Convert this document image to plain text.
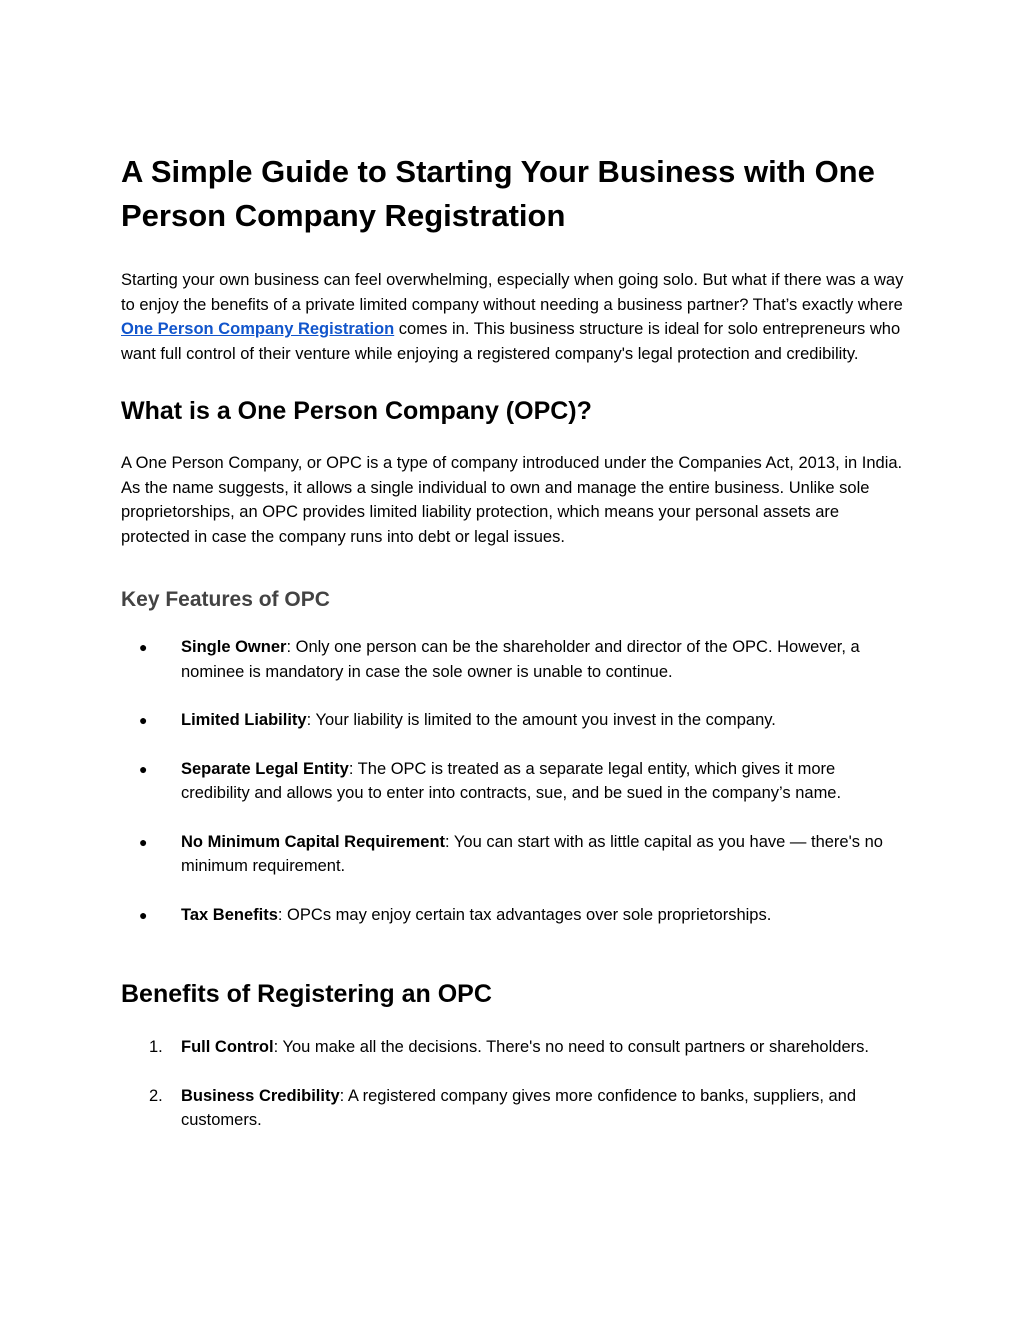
A Simple Guide to Starting Your Business with One Person Company Registration

Starting your own business can feel overwhelming, especially when going solo. But what if there was a way to enjoy the benefits of a private limited company without needing a business partner? That’s exactly where One Person Company Registration comes in. This business structure is ideal for solo entrepreneurs who want full control of their venture while enjoying a registered company's legal protection and credibility.

What is a One Person Company (OPC)?

A One Person Company, or OPC is a type of company introduced under the Companies Act, 2013, in India. As the name suggests, it allows a single individual to own and manage the entire business. Unlike sole proprietorships, an OPC provides limited liability protection, which means your personal assets are protected in case the company runs into debt or legal issues.

Key Features of OPC
●	Single Owner: Only one person can be the shareholder and director of the OPC. However, a nominee is mandatory in case the sole owner is unable to continue.
●	Limited Liability: Your liability is limited to the amount you invest in the company.
●	Separate Legal Entity: The OPC is treated as a separate legal entity, which gives it more credibility and allows you to enter into contracts, sue, and be sued in the company’s name.
●	No Minimum Capital Requirement: You can start with as little capital as you have — there's no minimum requirement.
●	Tax Benefits: OPCs may enjoy certain tax advantages over sole proprietorships.
Benefits of Registering an OPC
1.	Full Control: You make all the decisions. There's no need to consult partners or shareholders.
2.	Business Credibility: A registered company gives more confidence to banks, suppliers, and customers.
